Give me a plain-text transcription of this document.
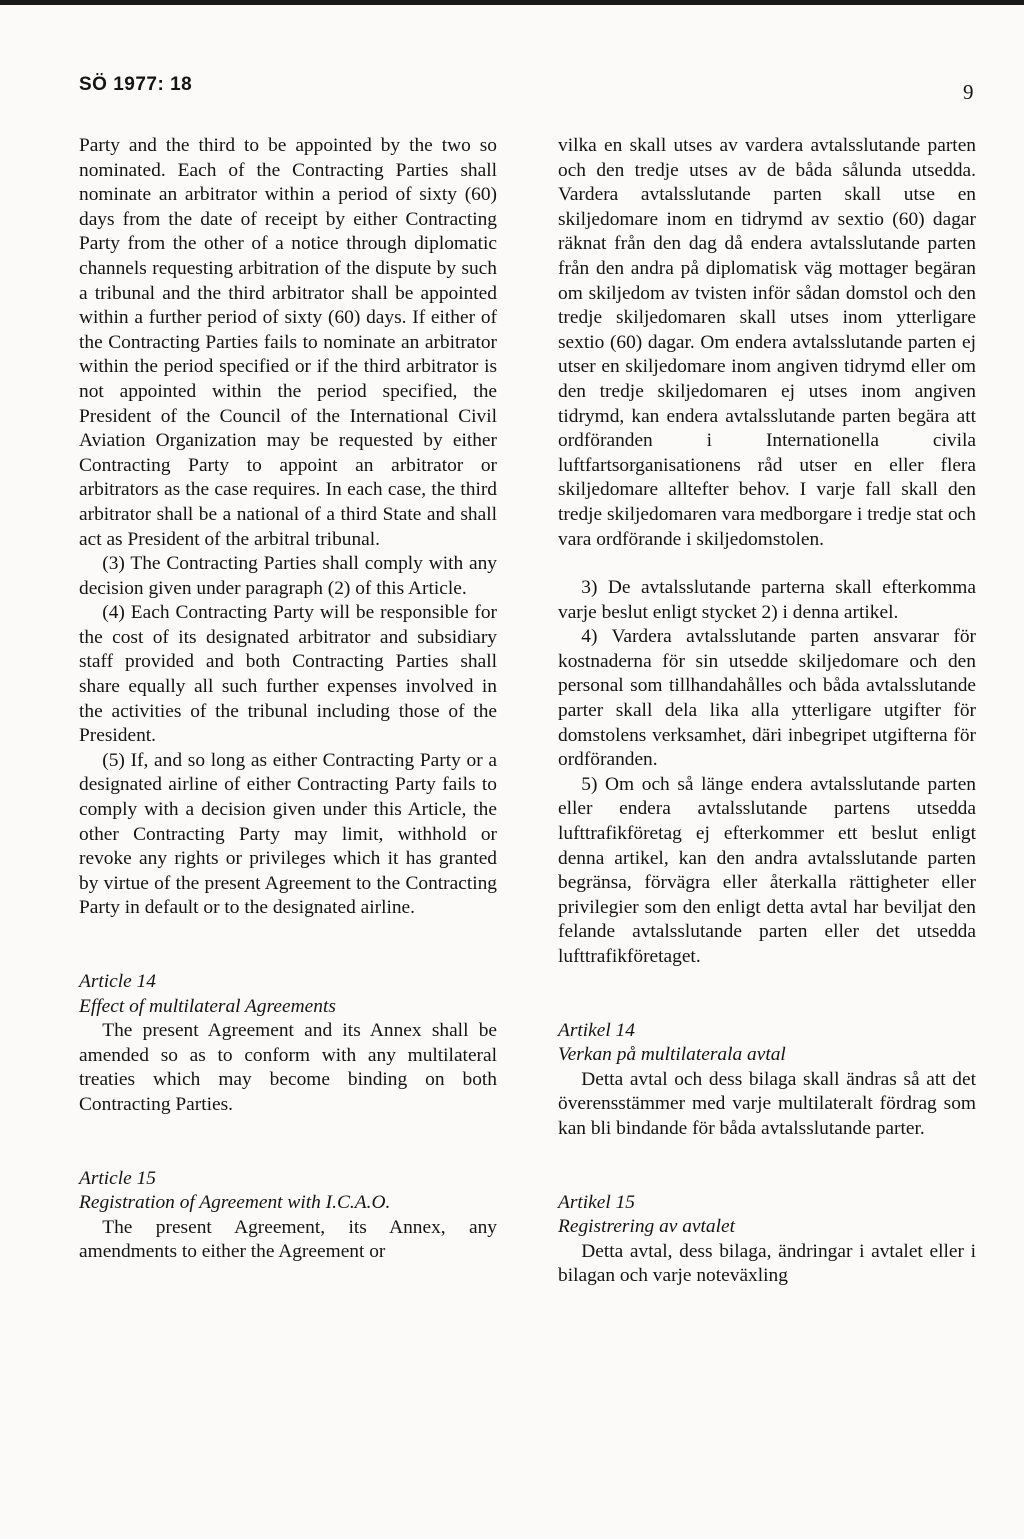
SÖ 1977: 18	9

Party and the third to be appointed by the two so nominated. Each of the Contracting Parties shall nominate an arbitrator within a period of sixty (60) days from the date of receipt by either Contracting Party from the other of a notice through diplomatic channels requesting arbitration of the dispute by such a tribunal and the third arbitrator shall be appointed within a further period of sixty (60) days. If either of the Contracting Parties fails to nominate an arbitrator within the period specified or if the third arbitrator is not appointed within the period specified, the President of the Council of the International Civil Aviation Organization may be requested by either Contracting Party to appoint an arbitrator or arbitrators as the case requires. In each case, the third arbitrator shall be a national of a third State and shall act as President of the arbitral tribunal.

(3) The Contracting Parties shall comply with any decision given under paragraph (2) of this Article.

(4) Each Contracting Party will be responsible for the cost of its designated arbitrator and subsidiary staff provided and both Contracting Parties shall share equally all such further expenses involved in the activities of the tribunal including those of the President.

(5) If, and so long as either Contracting Party or a designated airline of either Contracting Party fails to comply with a decision given under this Article, the other Contracting Party may limit, withhold or revoke any rights or privileges which it has granted by virtue of the present Agreement to the Contracting Party in default or to the designated airline.

Article 14

Effect of multilateral Agreements

The present Agreement and its Annex shall be amended so as to conform with any multilateral treaties which may become binding on both Contracting Parties.

Article 15

Registration of Agreement with I.C.A.O.

The present Agreement, its Annex, any amendments to either the Agreement or

vilka en skall utses av vardera avtalsslutande parten och den tredje utses av de båda sålunda utsedda. Vardera avtalsslutande parten skall utse en skiljedomare inom en tidrymd av sextio (60) dagar räknat från den dag då endera avtalsslutande parten från den andra på diplomatisk väg mottager begäran om skiljedom av tvisten inför sådan domstol och den tredje skiljedomaren skall utses inom ytterligare sextio (60) dagar. Om endera avtalsslutande parten ej utser en skiljedomare inom angiven tidrymd eller om den tredje skiljedomaren ej utses inom angiven tidrymd, kan endera avtalsslutande parten begära att ordföranden i Internationella civila luftfartsorganisationens råd utser en eller flera skiljedomare alltefter behov. I varje fall skall den tredje skiljedomaren vara medborgare i tredje stat och vara ordförande i skiljedomstolen.

3) De avtalsslutande parterna skall efterkomma varje beslut enligt stycket 2) i denna artikel.

4) Vardera avtalsslutande parten ansvarar för kostnaderna för sin utsedde skiljedomare och den personal som tillhandahålles och båda avtalsslutande parter skall dela lika alla ytterligare utgifter för domstolens verksamhet, däri inbegripet utgifterna för ordföranden.

5) Om och så länge endera avtalsslutande parten eller endera avtalsslutande partens utsedda lufttrafikföretag ej efterkommer ett beslut enligt denna artikel, kan den andra avtalsslutande parten begränsa, förvägra eller återkalla rättigheter eller privilegier som den enligt detta avtal har beviljat den felande avtalsslutande parten eller det utsedda lufttrafikföretaget.

Artikel 14

Verkan på multilaterala avtal

Detta avtal och dess bilaga skall ändras så att det överensstämmer med varje multilateralt fördrag som kan bli bindande för båda avtalsslutande parter.

Artikel 15

Registrering av avtalet

Detta avtal, dess bilaga, ändringar i avtalet eller i bilagan och varje noteväxling
